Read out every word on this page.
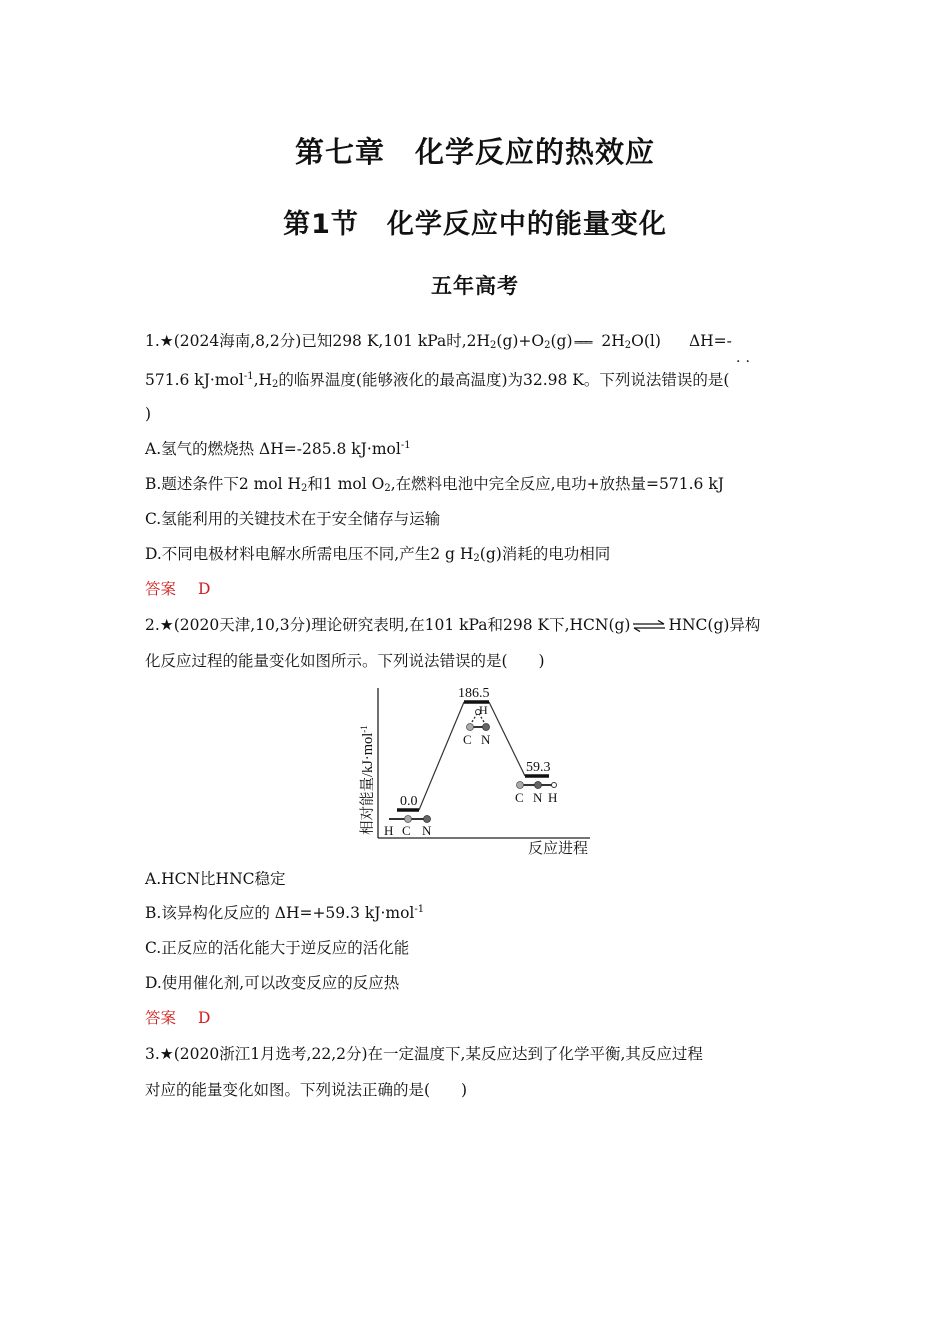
第七章　化学反应的热效应
第1节　化学反应中的能量变化
五年高考
1.★(2024海南,8,2分)已知298 K,101 kPa时$,2H_2(g)+O_2(g)$ ═══ $2H_2O(l)$ ΔH=-
··
571.6 $kJ\cdot mol^{-1},H_2$的临界温度(能够液化的最高温度)为32.98 K。下列说法错误的是(
)
A.氢气的燃烧热 ΔH=-285.8 kJ·mol$^{-1}$
B.题述条件下2 mol $H_2$和1 mol $O_2$,在燃料电池中完全反应,电功+放热量=571.6 kJ
C.氢能利用的关键技术在于安全储存与运输
D.不同电极材料电解水所需电压不同,产生2 g $H_2(g)$消耗的电功相同
答案 D
2.★(2020天津,10,3分)理论研究表明,在101 kPa和298 K下,HCN(g) ⇌ HNC(g)异构
化反应过程的能量变化如图所示。下列说法错误的是(　　)
相对能量/kJ·mol$^{-1}$
反应进程
0.0
186.5
59.3
H C N
H
C N
C N H
A.HCN比HNC稳定
B.该异构化反应的 ΔH=+59.3 kJ·mol$^{-1}$
C.正反应的活化能大于逆反应的活化能
D.使用催化剂,可以改变反应的反应热
答案 D
3.★(2020浙江1月选考,22,2分)在一定温度下,某反应达到了化学平衡,其反应过程
对应的能量变化如图。下列说法正确的是(　　)
